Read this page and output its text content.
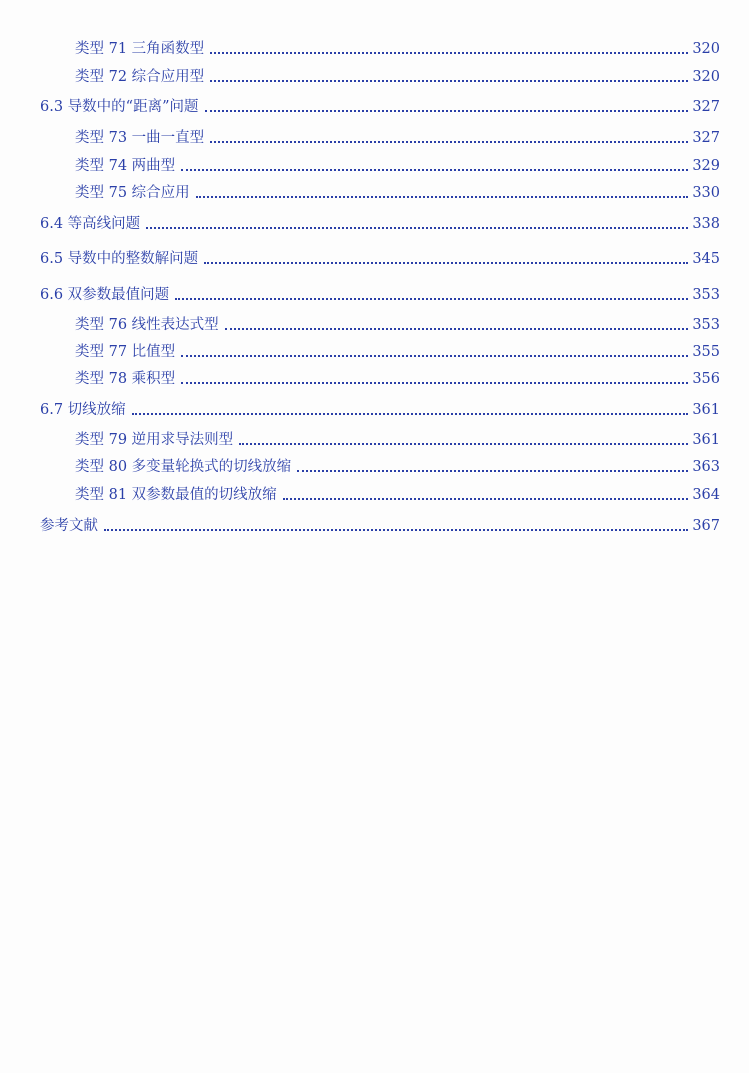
类型 71 三角函数型	320
类型 72 综合应用型	320
6.3 导数中的“距离”问题	327
类型 73 一曲一直型	327
类型 74 两曲型	329
类型 75 综合应用	330
6.4 等高线问题	338
6.5 导数中的整数解问题	345
6.6 双参数最值问题	353
类型 76 线性表达式型	353
类型 77 比值型	355
类型 78 乘积型	356
6.7 切线放缩	361
类型 79 逆用求导法则型	361
类型 80 多变量轮换式的切线放缩	363
类型 81 双参数最值的切线放缩	364
参考文献	367
